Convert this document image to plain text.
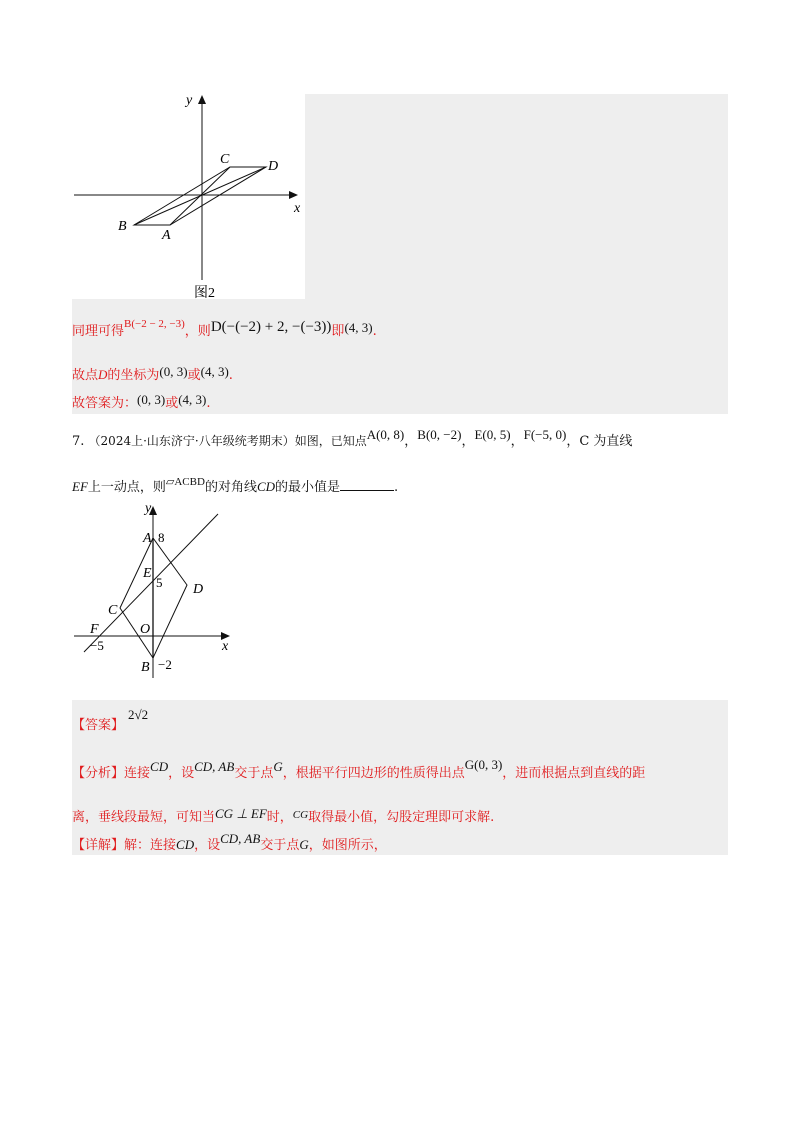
y
x
C	D
B
A
图2
同理可得$^{B(-2 - 2, -3)}$，则D(−(−2) + 2, −(−3))即(4, 3).
故点D的坐标为(0, 3)或(4, 3).
故答案为：(0, 3)或(4, 3).
7. （2024上·山东济宁·八年级统考期末）如图，已知点A(0, 8)，B(0, −2)，E(0, 5)，F(−5, 0)，C 为直线
EF上一动点，则$^{▱ACBD}$的对角线CD的最小值是	.
y
x
A 8
E
5 D
C
F	O
−5
B −2
【答案】2√2
【分析】连接CD，设CD, AB交于点G，根据平行四边形的性质得出点G(0, 3)，进而根据点到直线的距
离，垂线段最短，可知当CG ⊥ EF时，$^{CG}$取得最小值，勾股定理即可求解.
【详解】解：连接CD，设CD, AB交于点G，如图所示，
